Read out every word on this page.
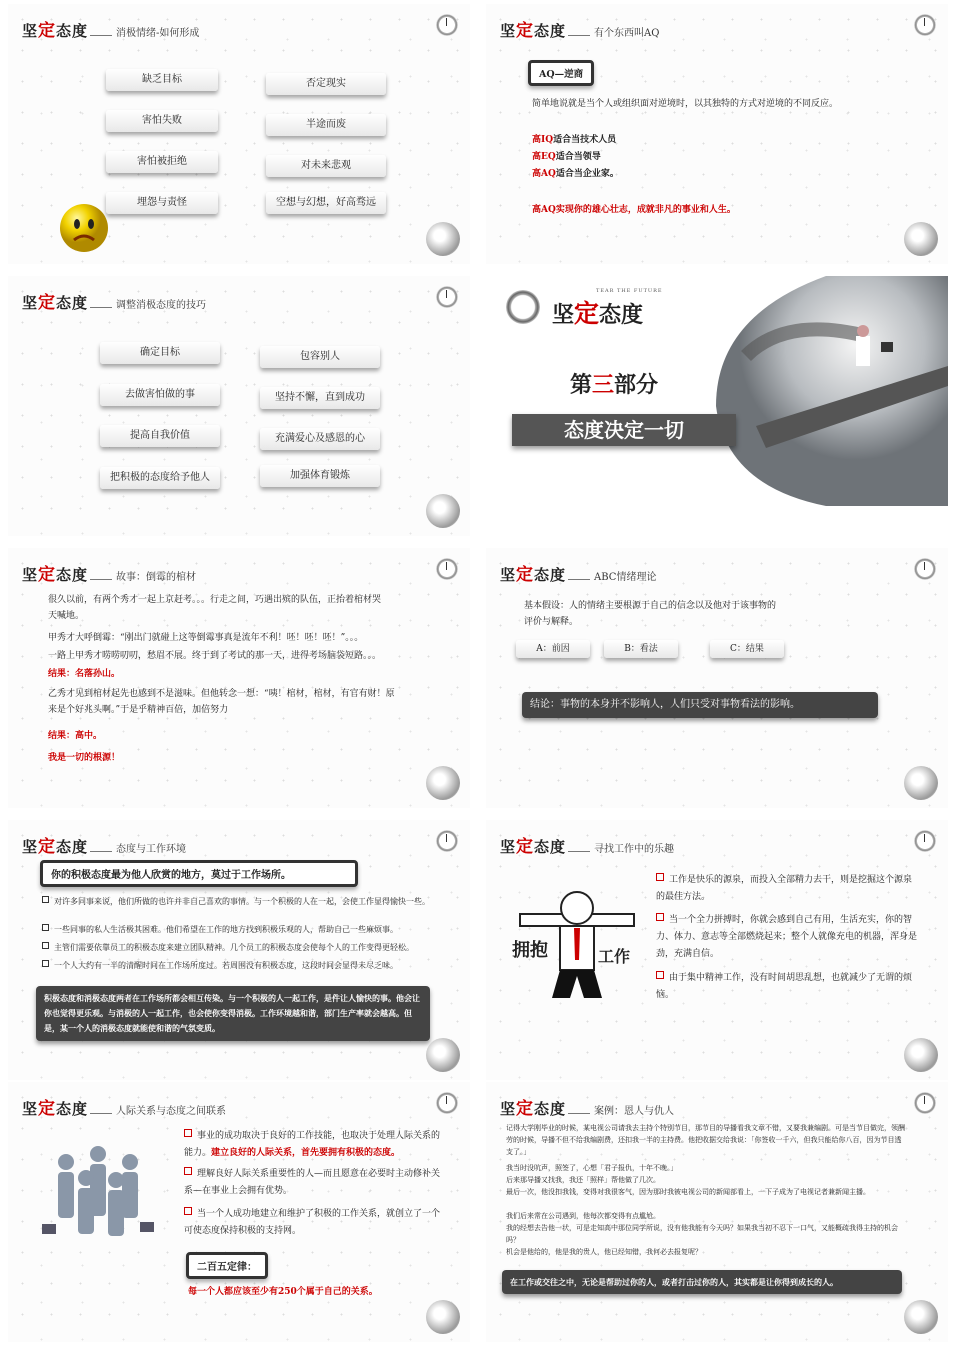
坚定态度	消极情绪-如何形成
缺乏目标
害怕失败
害怕被拒绝
埋怨与责怪
否定现实
半途而废
对未来悲观
空想与幻想，好高骛远
坚定态度	有个东西叫AQ
AQ—逆商
简单地说就是当个人或组织面对逆境时，以其独特的方式对逆境的不同反应。
高IQ适合当技术人员
高EQ适合当领导
高AQ适合当企业家。
高AQ实现你的雄心壮志，成就非凡的事业和人生。
坚定态度	调整消极态度的技巧
确定目标
去做害怕做的事
提高自我价值
把积极的态度给予他人
包容别人
坚持不懈，直到成功
充满爱心及感恩的心
加强体育锻炼
坚定态度
TEAR THE FUTURE
第三部分
态度决定一切
坚定态度	故事：倒霉的棺材
很久以前，有两个秀才一起上京赶考。。。行走之间，巧遇出殡的队伍，正抬着棺材哭天喊地。
甲秀才大呼倒霉：“刚出门就碰上这等倒霉事真是流年不利！呸！呸！呸！”。。。
一路上甲秀才唠唠叨叨，愁眉不展。终于到了考试的那一天，进得考场脑袋短路。。。
结果：名落孙山。
乙秀才见到棺材起先也感到不是滋味。但他转念一想：“咦！棺材，棺材，有官有财！原来是个好兆头啊。”于是乎精神百倍，加倍努力
结果：高中。
我是一切的根源！
坚定态度	ABC情绪理论
基本假设：人的情绪主要根源于自己的信念以及他对于该事物的评价与解释。
A：前因	B：看法	C：结果
结论：事物的本身并不影响人，人们只受对事物看法的影响。
坚定态度	态度与工作环境
你的积极态度最为他人欣赏的地方，莫过于工作场所。
对许多同事来说，他们所做的也许并非自己喜欢的事情。与一个积极的人在一起，会使工作显得愉快一些。
一些同事的私人生活极其困难。他们希望在工作的地方找到积极乐观的人，帮助自己一些麻烦事。
主管们需要依靠员工的积极态度来建立团队精神。几个员工的积极态度会使每个人的工作变得更轻松。
一个人大约有一半的清醒时间在工作场所度过。若周围没有积极态度，这段时间会显得未尽乏味。
积极态度和消极态度两者在工作场所都会相互传染。与一个积极的人一起工作，是件让人愉快的事。他会让你也觉得更乐观。与消极的人一起工作，也会使你变得消极。工作环境越和谐，部门生产率就会越高。但是，某一个人的消极态度就能使和谐的气氛变质。
坚定态度	寻找工作中的乐趣
拥抱	工作
工作是快乐的源泉，而投入全部精力去干，则是挖掘这个源泉的最佳方法。
当一个全力拼搏时，你就会感到自己有用，生活充实，你的智力、体力、意志等全部燃烧起来；整个人就像充电的机器，浑身是劲，充满自信。
由于集中精神工作，没有时间胡思乱想，也就减少了无谓的烦恼。
坚定态度	人际关系与态度之间联系
事业的成功取决于良好的工作技能，也取决于处理人际关系的能力。建立良好的人际关系，首先要拥有积极的态度。
理解良好人际关系重要性的人—而且愿意在必要时主动修补关系—在事业上会拥有优势。
当一个人成功地建立和维护了积极的工作关系，就创立了一个可使态度保持积极的支持网。
二百五定律：
每一个人都应该至少有250个属于自己的关系。
坚定态度	案例：恩人与仇人
记得大学刚毕业的时候，某电视公司请我去主持个特别节目，那节目的导播看我文章不错，又要我兼编剧。可是当节目做完，领酬劳的时候，导播不但不给我编剧费，还扣我一半的主持费。他把收据交给我说：「你签收一千六，但我只能给你八百，因为节目透支了。」
我当时没吭声，照签了，心想「君子报仇，十年不晚。」
后来那导播又找我，我还「照样」帮他做了几次。
最后一次，他没扣我钱，变得对我很客气，因为那时我被电视公司的新闻部看上，一下子成为了电视记者兼新闻主播。
我们后来常在公司遇到，他每次都变得有点尴尬。
我的经想去告他一状，可是走知高中那位同学所说，没有他我能有今天吗？如果我当初不忍下一口气，又能概疏我得主持的机会吗？
机会是他给的，他是我的贵人，他已经知错，我何必去报复呢？
在工作或交往之中，无论是帮助过你的人，或者打击过你的人，其实都是让你得到成长的人。
